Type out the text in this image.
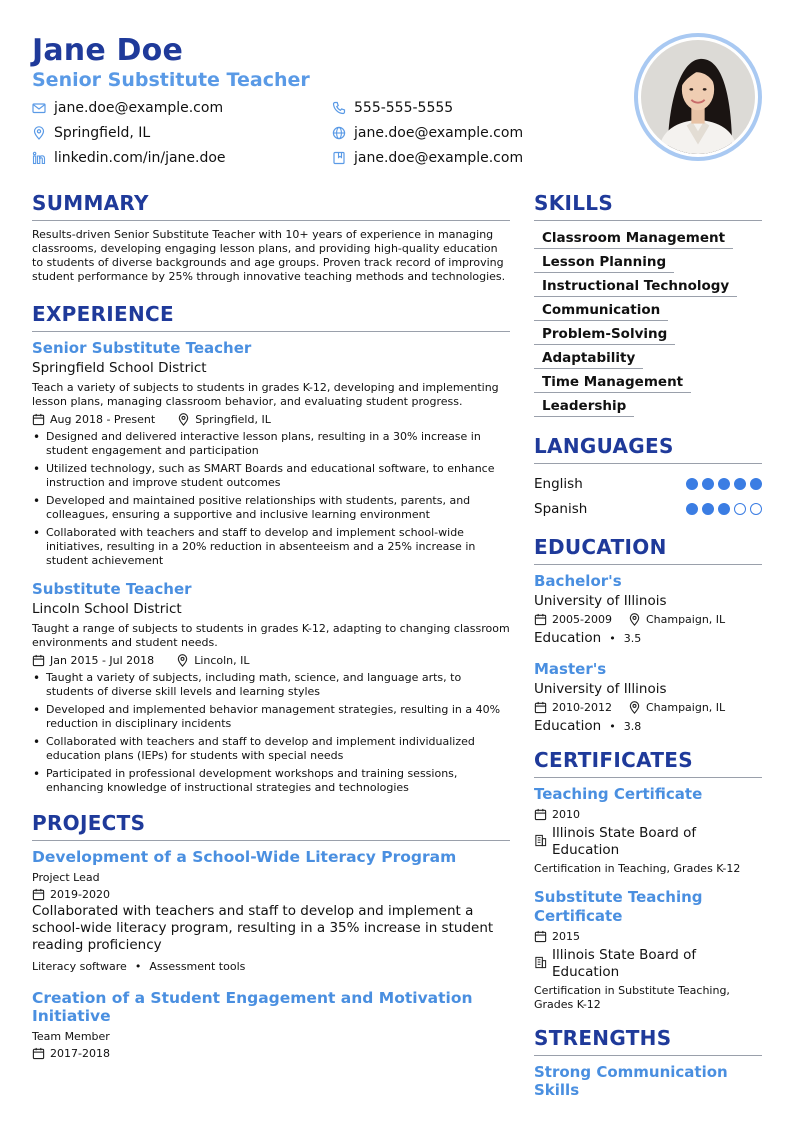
Jane Doe
Senior Substitute Teacher
jane.doe@example.com	555-555-5555
Springfield, IL	jane.doe@example.com
linkedin.com/in/jane.doe	jane.doe@example.com
SUMMARY
Results-driven Senior Substitute Teacher with 10+ years of experience in managing classrooms, developing engaging lesson plans, and providing high-quality education to students of diverse backgrounds and age groups. Proven track record of improving student performance by 25% through innovative teaching methods and technologies.
EXPERIENCE
Senior Substitute Teacher
Springfield School District
Teach a variety of subjects to students in grades K-12, developing and implementing lesson plans, managing classroom behavior, and evaluating student progress.
Aug 2018 - Present	Springfield, IL
• Designed and delivered interactive lesson plans, resulting in a 30% increase in student engagement and participation
• Utilized technology, such as SMART Boards and educational software, to enhance instruction and improve student outcomes
• Developed and maintained positive relationships with students, parents, and colleagues, ensuring a supportive and inclusive learning environment
• Collaborated with teachers and staff to develop and implement school-wide initiatives, resulting in a 20% reduction in absenteeism and a 25% increase in student achievement
Substitute Teacher
Lincoln School District
Taught a range of subjects to students in grades K-12, adapting to changing classroom environments and student needs.
Jan 2015 - Jul 2018	Lincoln, IL
• Taught a variety of subjects, including math, science, and language arts, to students of diverse skill levels and learning styles
• Developed and implemented behavior management strategies, resulting in a 40% reduction in disciplinary incidents
• Collaborated with teachers and staff to develop and implement individualized education plans (IEPs) for students with special needs
• Participated in professional development workshops and training sessions, enhancing knowledge of instructional strategies and technologies
PROJECTS
Development of a School-Wide Literacy Program
Project Lead
2019-2020
Collaborated with teachers and staff to develop and implement a school-wide literacy program, resulting in a 35% increase in student reading proficiency
Literacy software • Assessment tools
Creation of a Student Engagement and Motivation Initiative
Team Member
2017-2018
SKILLS
Classroom Management
Lesson Planning
Instructional Technology
Communication
Problem-Solving
Adaptability
Time Management
Leadership
LANGUAGES
English
Spanish
EDUCATION
Bachelor's
University of Illinois
2005-2009	Champaign, IL
Education • 3.5
Master's
University of Illinois
2010-2012	Champaign, IL
Education • 3.8
CERTIFICATES
Teaching Certificate
2010
Illinois State Board of Education
Certification in Teaching, Grades K-12
Substitute Teaching Certificate
2015
Illinois State Board of Education
Certification in Substitute Teaching, Grades K-12
STRENGTHS
Strong Communication Skills
